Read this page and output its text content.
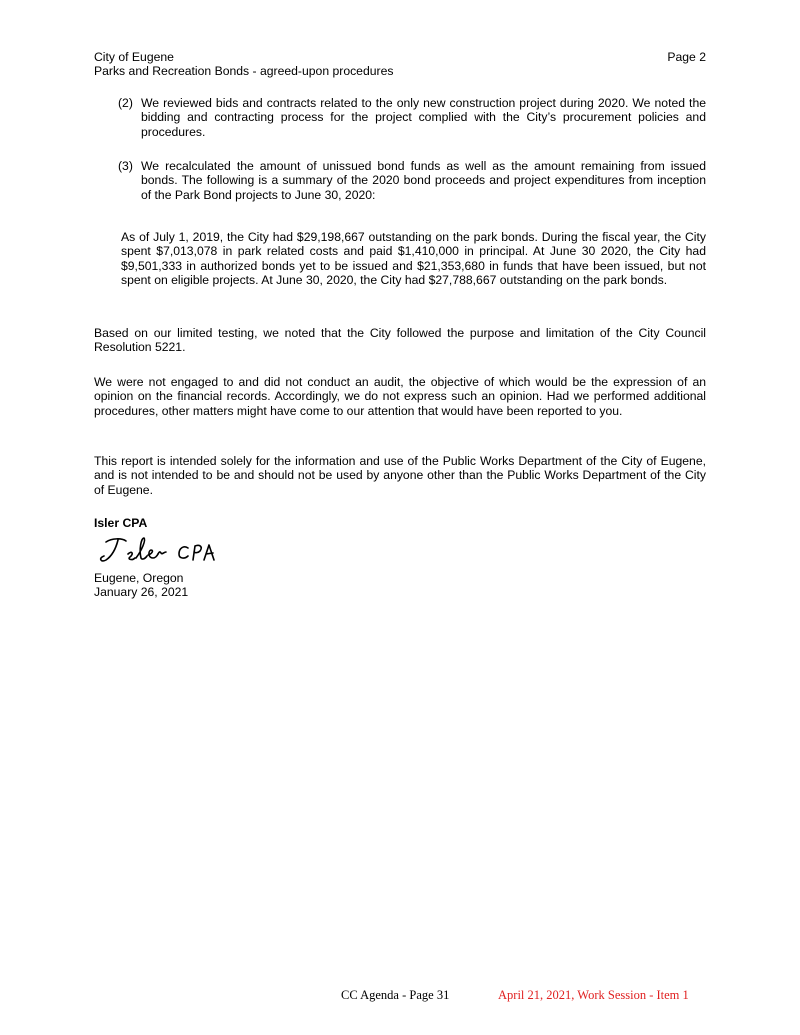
City of Eugene	Page 2
Parks and Recreation Bonds - agreed-upon procedures
(2) We reviewed bids and contracts related to the only new construction project during 2020. We noted the bidding and contracting process for the project complied with the City’s procurement policies and procedures.
(3) We recalculated the amount of unissued bond funds as well as the amount remaining from issued bonds. The following is a summary of the 2020 bond proceeds and project expenditures from inception of the Park Bond projects to June 30, 2020:
As of July 1, 2019, the City had $29,198,667 outstanding on the park bonds. During the fiscal year, the City spent $7,013,078 in park related costs and paid $1,410,000 in principal. At June 30 2020, the City had $9,501,333 in authorized bonds yet to be issued and $21,353,680 in funds that have been issued, but not spent on eligible projects. At June 30, 2020, the City had $27,788,667 outstanding on the park bonds.
Based on our limited testing, we noted that the City followed the purpose and limitation of the City Council Resolution 5221.
We were not engaged to and did not conduct an audit, the objective of which would be the expression of an opinion on the financial records. Accordingly, we do not express such an opinion. Had we performed additional procedures, other matters might have come to our attention that would have been reported to you.
This report is intended solely for the information and use of the Public Works Department of the City of Eugene, and is not intended to be and should not be used by anyone other than the Public Works Department of the City of Eugene.
Isler CPA
Eugene, Oregon
January 26, 2021
CC Agenda - Page 31	April 21, 2021, Work Session - Item 1
